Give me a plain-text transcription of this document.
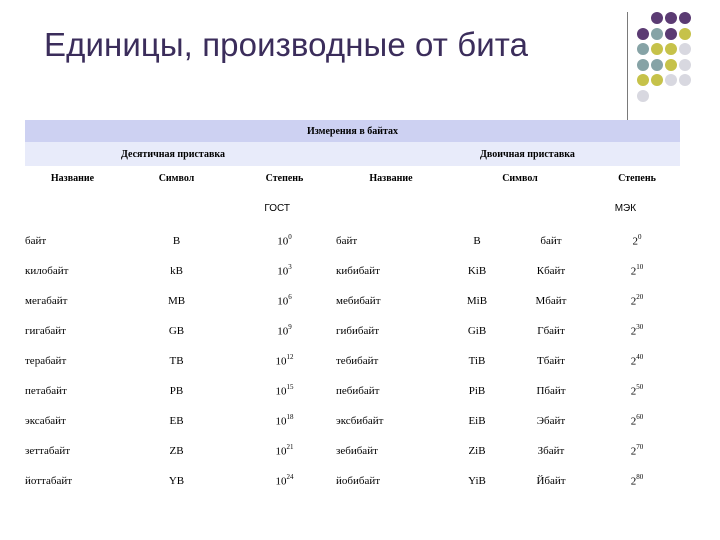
Единицы, производные от бита
Измерения в байтах						
Десятичная приставка			Двоичная приставка			
Название	Символ	Степень	Название	Символ		Степень
ГОСТ			МЭК			
байт	B	$10^0$	байт	B	байт	$2^0$
килобайт	kB	$10^3$	кибибайт	KiB	Кбайт	$2^{10}$
мегабайт	MB	$10^6$	мебибайт	MiB	Мбайт	$2^{20}$
гигабайт	GB	$10^9$	гибибайт	GiB	Гбайт	$2^{30}$
терабайт	TB	$10^{12}$	тебибайт	TiB	Тбайт	$2^{40}$
петабайт	PB	$10^{15}$	пебибайт	PiB	Пбайт	$2^{50}$
эксабайт	EB	$10^{18}$	эксбибайт	EiB	Эбайт	$2^{60}$
зеттабайт	ZB	$10^{21}$	зебибайт	ZiB	Збайт	$2^{70}$
йоттабайт	YB	$10^{24}$	йобибайт	YiB	Йбайт	$2^{80}$
